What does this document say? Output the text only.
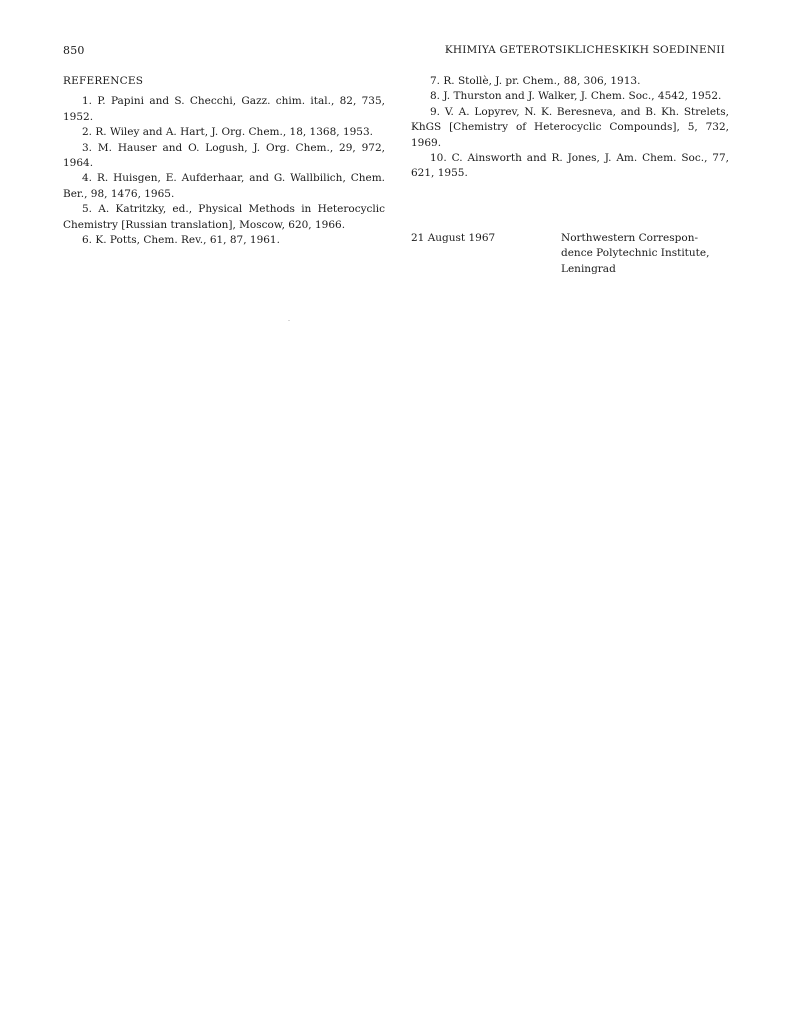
850	KHIMIYA GETEROTSIKLICHESKIKH SOEDINENII

REFERENCES

1. P. Papini and S. Checchi, Gazz. chim. ital., 82, 735, 1952.

2. R. Wiley and A. Hart, J. Org. Chem., 18, 1368, 1953.

3. M. Hauser and O. Logush, J. Org. Chem., 29, 972, 1964.

4. R. Huisgen, E. Aufderhaar, and G. Wallbilich, Chem. Ber., 98, 1476, 1965.

5. A. Katritzky, ed., Physical Methods in Heterocyclic Chemistry [Russian translation], Moscow, 620, 1966.

6. K. Potts, Chem. Rev., 61, 87, 1961.

7. R. Stollè, J. pr. Chem., 88, 306, 1913.

8. J. Thurston and J. Walker, J. Chem. Soc., 4542, 1952.

9. V. A. Lopyrev, N. K. Beresneva, and B. Kh. Strelets, KhGS [Chemistry of Heterocyclic Compounds], 5, 732, 1969.

10. C. Ainsworth and R. Jones, J. Am. Chem. Soc., 77, 621, 1955.

21 August 1967	Northwestern Correspon-
dence Polytechnic Institute,
Leningrad
